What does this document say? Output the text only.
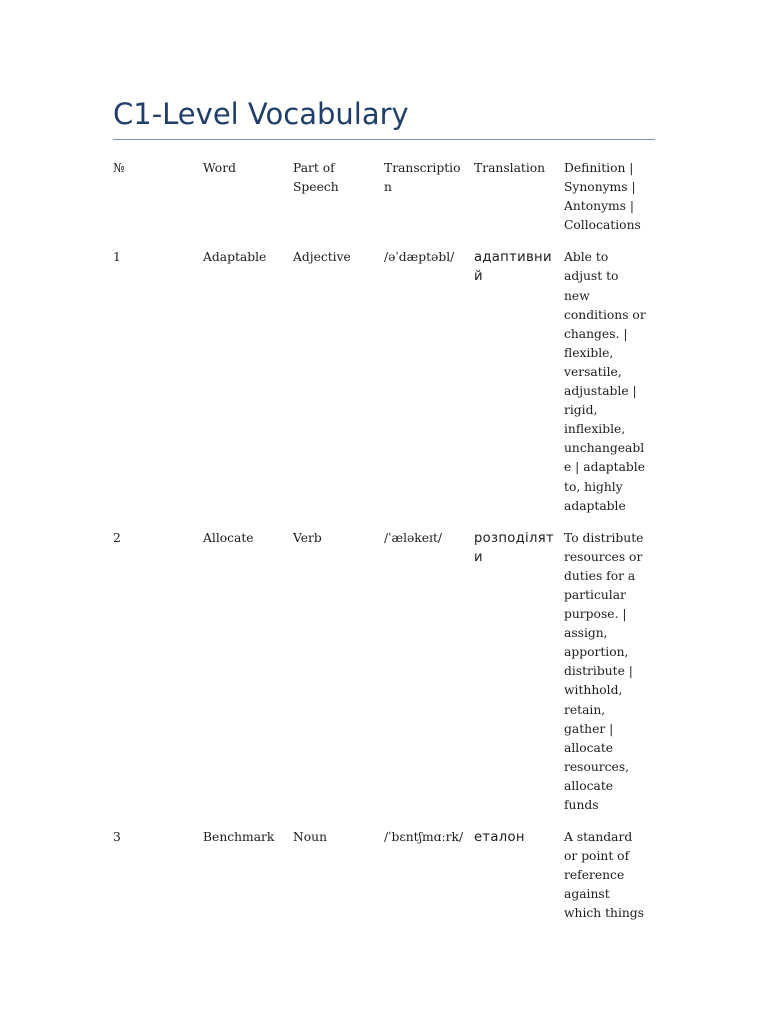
C1-Level Vocabulary
№	Word	Part of Speech	Transcription	Translation	Definition | Synonyms | Antonyms | Collocations
1	Adaptable	Adjective	/əˈdæptəbl/	адаптивний	Able to adjust to new conditions or changes. | flexible, versatile, adjustable | rigid, inflexible, unchangeable | adaptable to, highly adaptable
2	Allocate	Verb	/ˈæləkeɪt/	розподіляти	To distribute resources or duties for a particular purpose. | assign, apportion, distribute | withhold, retain, gather | allocate resources, allocate funds
3	Benchmark	Noun	/ˈbɛntʃmɑːrk/	еталон	A standard or point of reference against which things
